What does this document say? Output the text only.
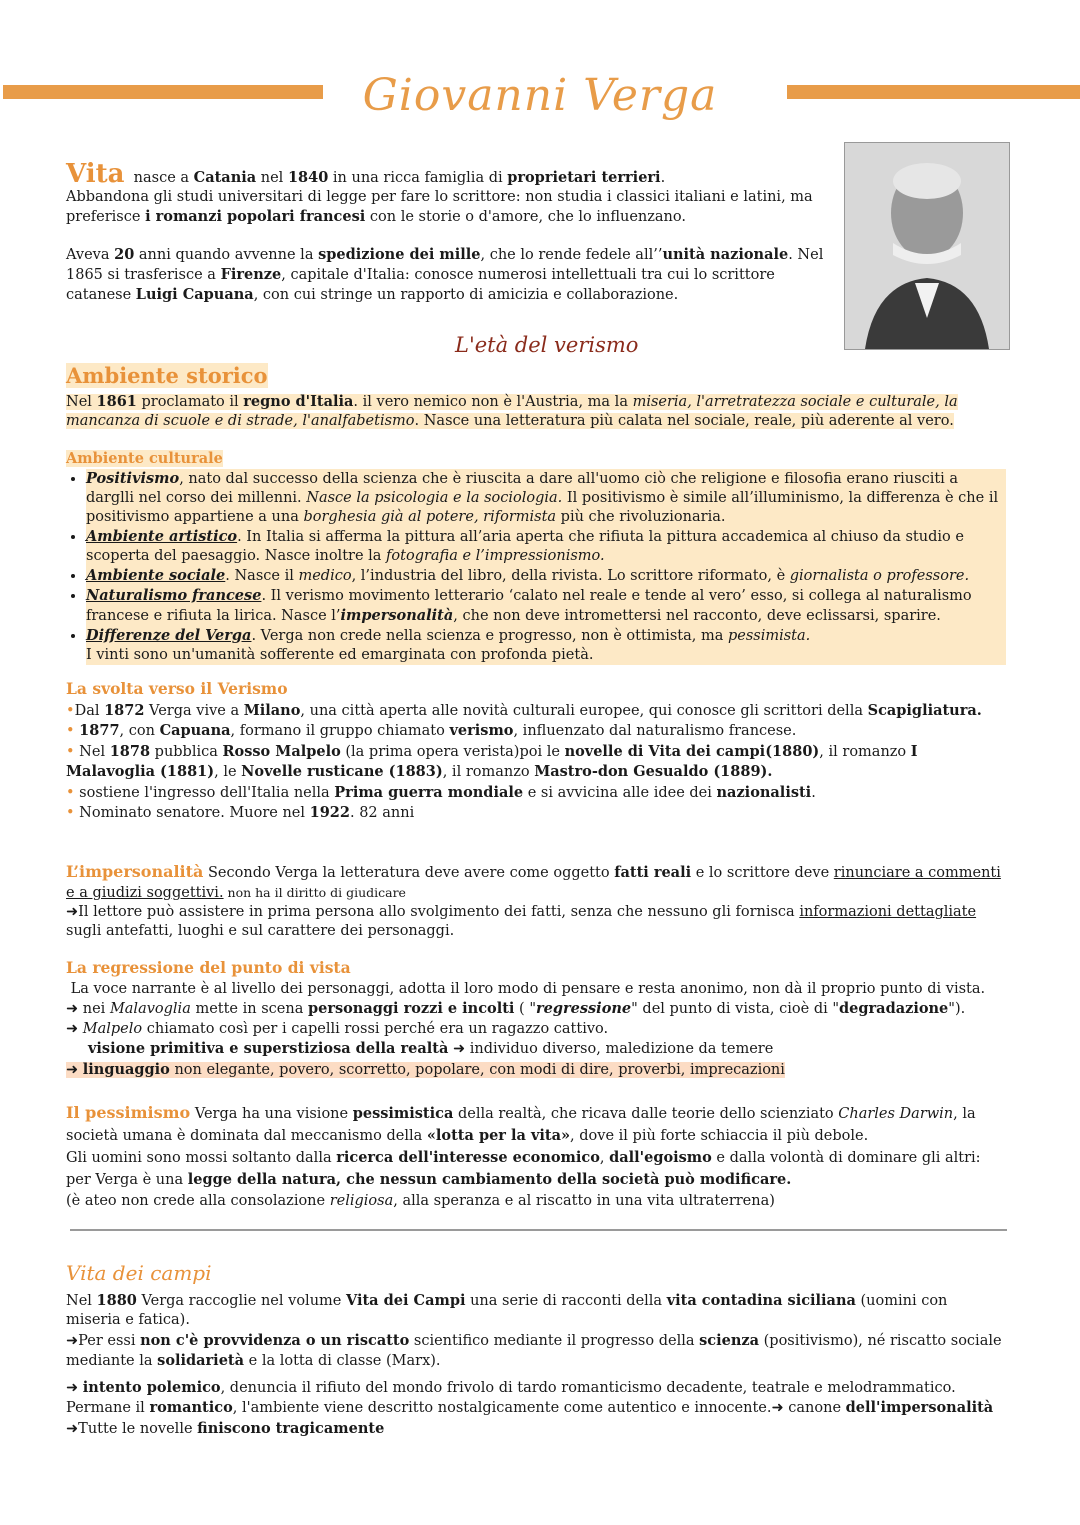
Giovanni Verga

Vita nasce a Catania nel 1840 in una ricca famiglia di proprietari terrieri.

Abbandona gli studi universitari di legge per fare lo scrittore: non studia i classici italiani e latini, ma preferisce i romanzi popolari francesi con le storie o d'amore, che lo influenzano.

Aveva 20 anni quando avvenne la spedizione dei mille, che lo rende fedele all’’unità nazionale. Nel 1865 si trasferisce a Firenze, capitale d'Italia: conosce numerosi intellettuali tra cui lo scrittore catanese Luigi Capuana, con cui stringe un rapporto di amicizia e collaborazione.

L'età del verismo

Ambiente storico

Nel 1861 proclamato il regno d'Italia. il vero nemico non è l'Austria, ma la miseria, l'arretratezza sociale e culturale, la mancanza di scuole e di strade, l'analfabetismo. Nasce una letteratura più calata nel sociale, reale, più aderente al vero.

Ambiente culturale

• Positivismo, nato dal successo della scienza che è riuscita a dare all'uomo ciò che religione e filosofia erano riusciti a darglli nel corso dei millenni. Nasce la psicologia e la sociologia. Il positivismo è simile all’illuminismo, la differenza è che il positivismo appartiene a una borghesia già al potere, riformista più che rivoluzionaria.
• Ambiente artistico. In Italia si afferma la pittura all’aria aperta che rifiuta la pittura accademica al chiuso da studio e scoperta del paesaggio. Nasce inoltre la fotografia e l’impressionismo.
• Ambiente sociale. Nasce il medico, l’industria del libro, della rivista. Lo scrittore riformato, è giornalista o professore.
• Naturalismo francese. Il verismo movimento letterario ‘calato nel reale e tende al vero’ esso, si collega al naturalismo francese e rifiuta la lirica. Nasce l’impersonalità, che non deve intromettersi nel racconto, deve eclissarsi, sparire.
• Differenze del Verga. Verga non crede nella scienza e progresso, non è ottimista, ma pessimista.
I vinti sono un'umanità sofferente ed emarginata con profonda pietà.

La svolta verso il Verismo

•Dal 1872 Verga vive a Milano, una città aperta alle novità culturali europee, qui conosce gli scrittori della Scapigliatura.

• 1877, con Capuana, formano il gruppo chiamato verismo, influenzato dal naturalismo francese.

• Nel 1878 pubblica Rosso Malpelo (la prima opera verista)poi le novelle di Vita dei campi(1880), il romanzo I Malavoglia (1881), le Novelle rusticane (1883), il romanzo Mastro-don Gesualdo (1889).

• sostiene l'ingresso dell'Italia nella Prima guerra mondiale e si avvicina alle idee dei nazionalisti.

• Nominato senatore. Muore nel 1922. 82 anni

L’impersonalità Secondo Verga la letteratura deve avere come oggetto fatti reali e lo scrittore deve rinunciare a commenti e a giudizi soggettivi. non ha il diritto di giudicare

➜Il lettore può assistere in prima persona allo svolgimento dei fatti, senza che nessuno gli fornisca informazioni dettagliate sugli antefatti, luoghi e sul carattere dei personaggi.

La regressione del punto di vista

La voce narrante è al livello dei personaggi, adotta il loro modo di pensare e resta anonimo, non dà il proprio punto di vista.

➜ nei Malavoglia mette in scena personaggi rozzi e incolti ( "regressione" del punto di vista, cioè di "degradazione").

➜ Malpelo chiamato così per i capelli rossi perché era un ragazzo cattivo.

visione primitiva e superstiziosa della realtà ➜ individuo diverso, maledizione da temere

➜ linguaggio non elegante, povero, scorretto, popolare, con modi di dire, proverbi, imprecazioni

Il pessimismo Verga ha una visione pessimistica della realtà, che ricava dalle teorie dello scienziato Charles Darwin, la società umana è dominata dal meccanismo della «lotta per la vita», dove il più forte schiaccia il più debole.

Gli uomini sono mossi soltanto dalla ricerca dell'interesse economico, dall'egoismo e dalla volontà di dominare gli altri: per Verga è una legge della natura, che nessun cambiamento della società può modificare.

(è ateo non crede alla consolazione religiosa, alla speranza e al riscatto in una vita ultraterrena)

Vita dei campi

Nel 1880 Verga raccoglie nel volume Vita dei Campi una serie di racconti della vita contadina siciliana (uomini con miseria e fatica).

➜Per essi non c'è provvidenza o un riscatto scientifico mediante il progresso della scienza (positivismo), né riscatto sociale mediante la solidarietà e la lotta di classe (Marx).

➜ intento polemico, denuncia il rifiuto del mondo frivolo di tardo romanticismo decadente, teatrale e melodrammatico.

Permane il romantico, l'ambiente viene descritto nostalgicamente come autentico e innocente.➜ canone dell'impersonalità

➜Tutte le novelle finiscono tragicamente
